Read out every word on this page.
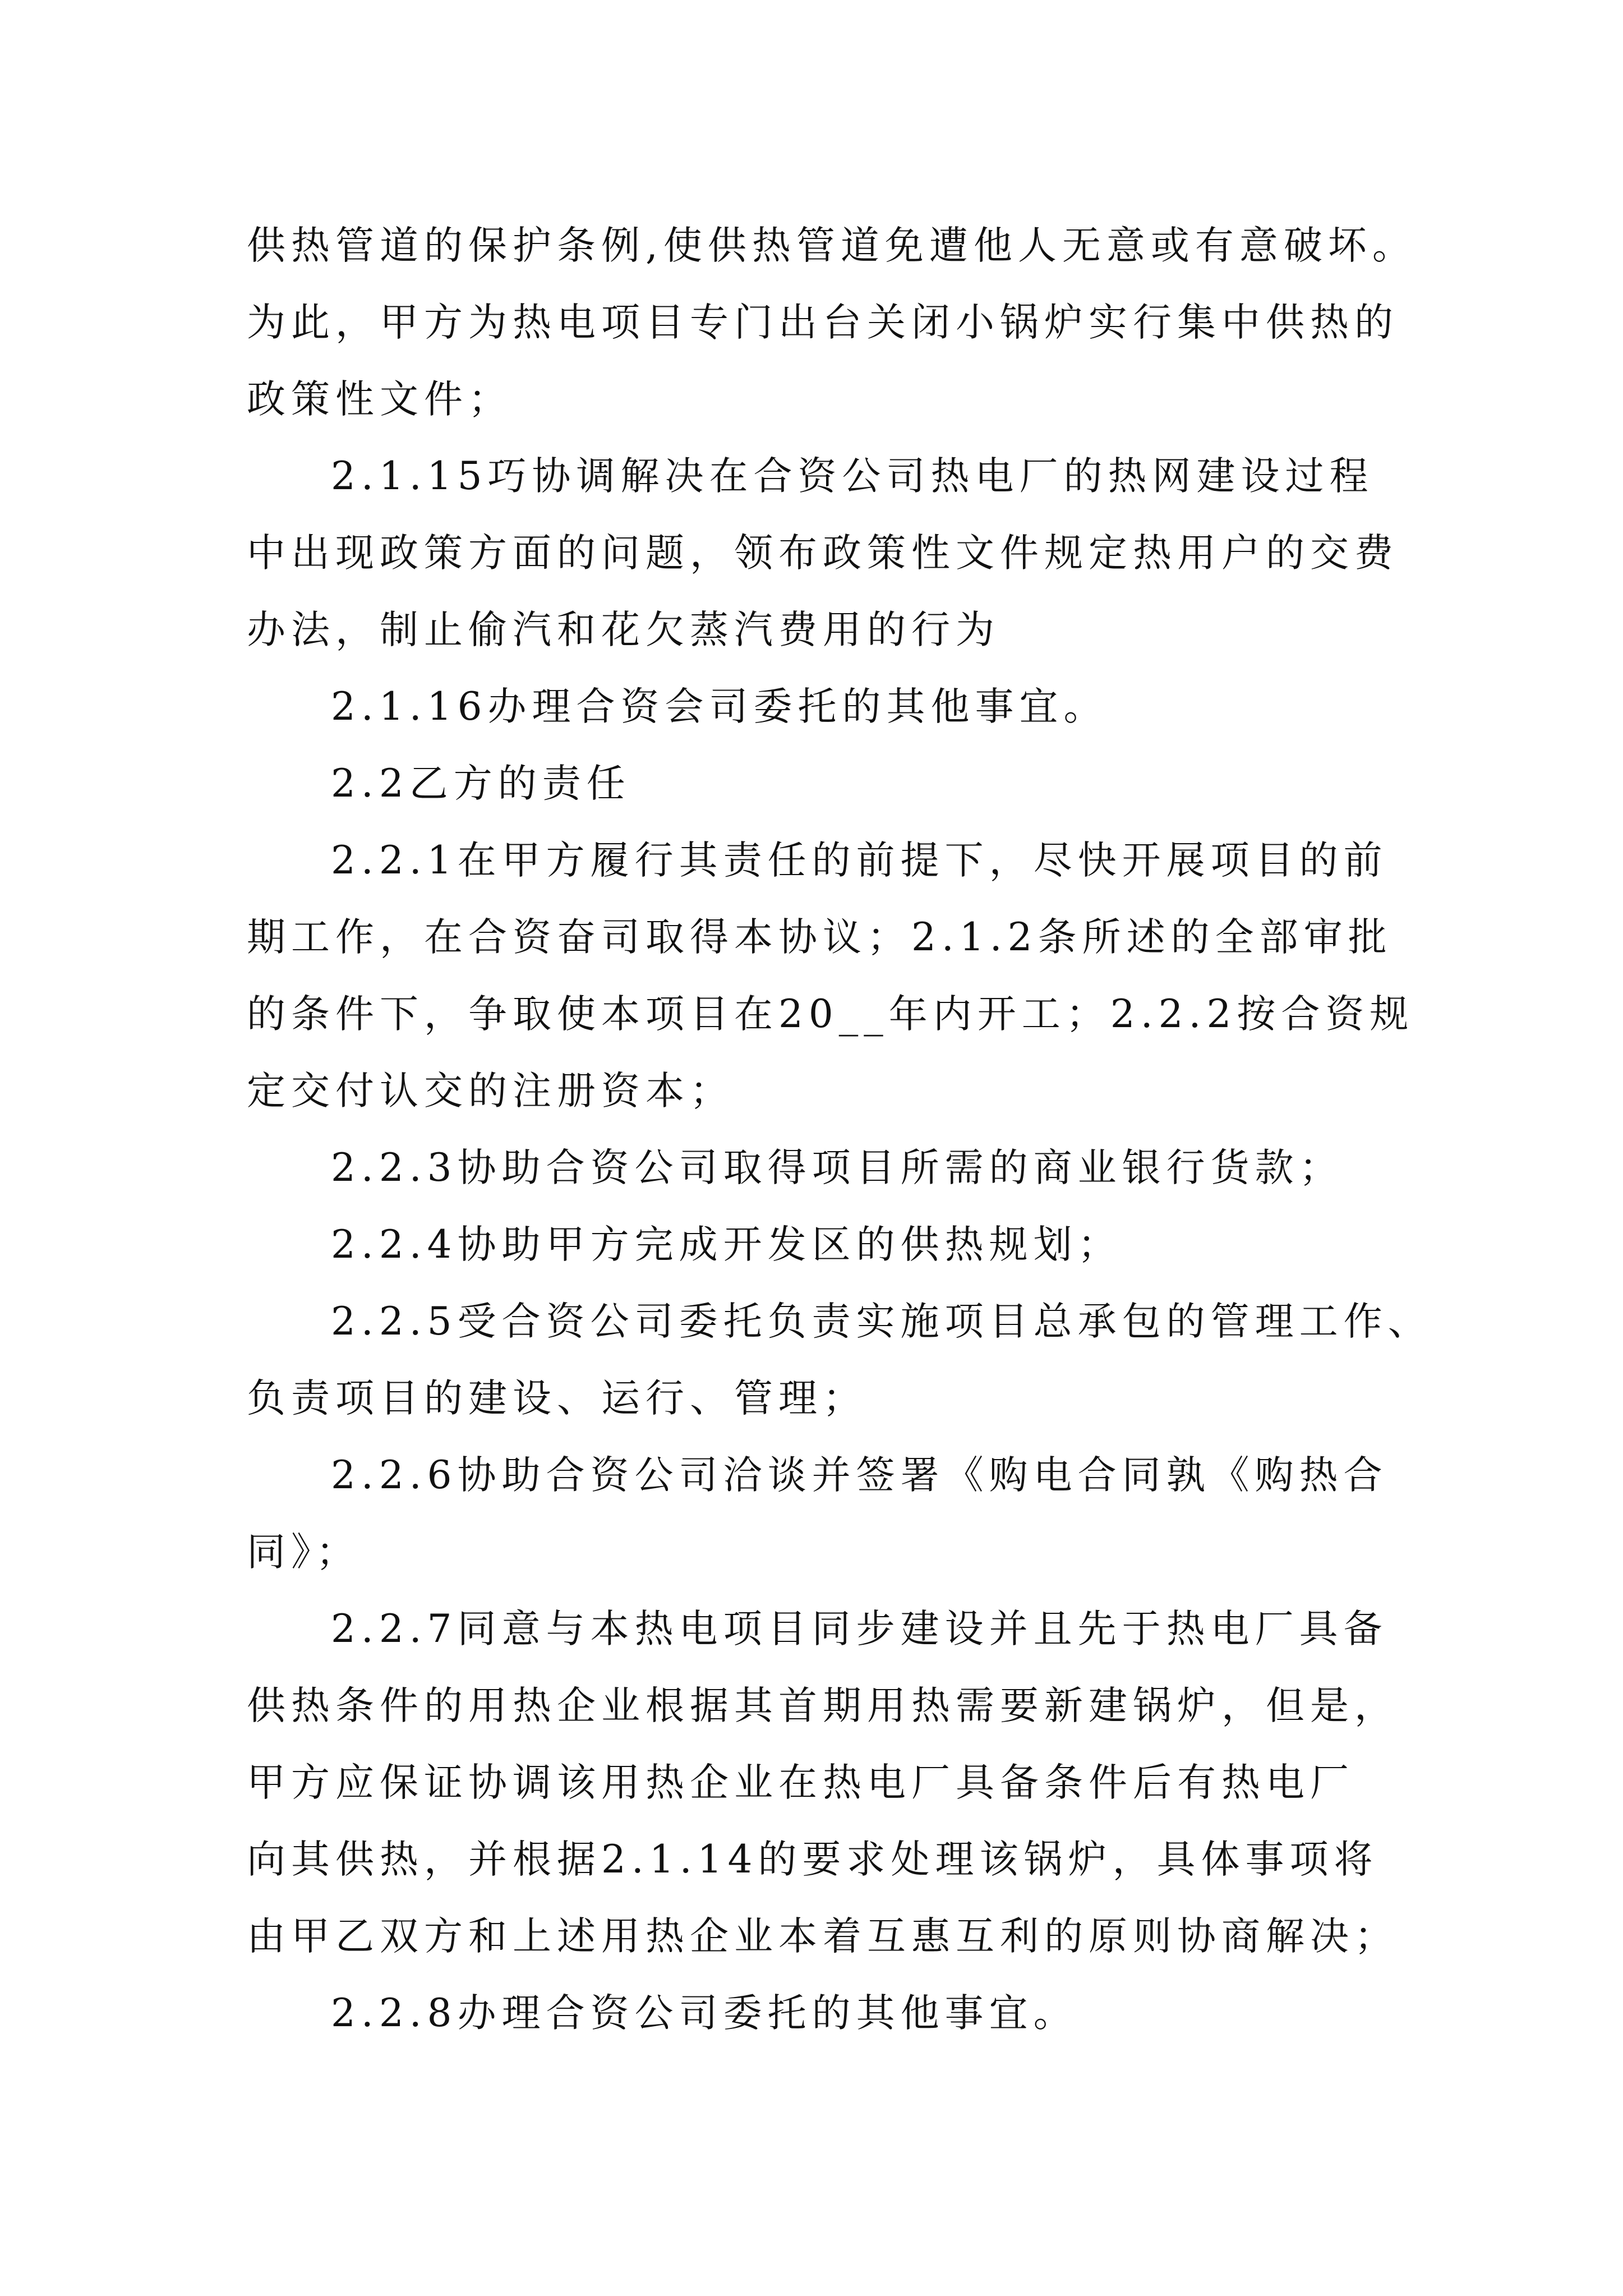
供热管道的保护条例,使供热管道免遭他人无意或有意破坏。
为此，甲方为热电项目专门出台关闭小锅炉实行集中供热的
政策性文件；
2.1.15巧协调解决在合资公司热电厂的热网建设过程
中出现政策方面的问题，领布政策性文件规定热用户的交费
办法，制止偷汽和花欠蒸汽费用的行为
2.1.16办理合资会司委托的其他事宜。
2.2乙方的责任
2.2.1在甲方履行其责任的前提下，尽快开展项目的前
期工作，在合资奋司取得本协议；2.1.2条所述的全部审批
的条件下，争取使本项目在20__年内开工；2.2.2按合资规
定交付认交的注册资本；
2.2.3协助合资公司取得项目所需的商业银行货款；
2.2.4协助甲方完成开发区的供热规划；
2.2.5受合资公司委托负责实施项目总承包的管理工作、
负责项目的建设、运行、管理；
2.2.6协助合资公司洽谈并签署《购电合同孰《购热合
同》；
2.2.7同意与本热电项目同步建设并且先于热电厂具备
供热条件的用热企业根据其首期用热需要新建锅炉，但是，
甲方应保证协调该用热企业在热电厂具备条件后有热电厂
向其供热，并根据2.1.14的要求处理该锅炉，具体事项将
由甲乙双方和上述用热企业本着互惠互利的原则协商解决；
2.2.8办理合资公司委托的其他事宜。
